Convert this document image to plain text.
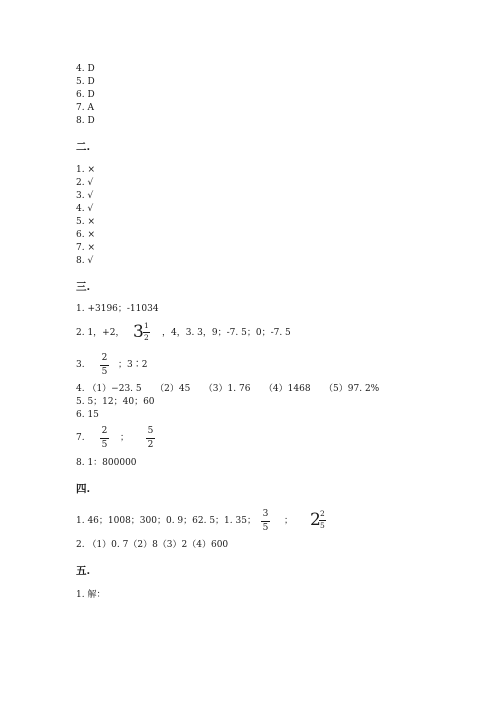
4. D
5. D
6. D
7. A
8. D
二.
1. ×
2. √
3. √
4. √
5. ×
6. ×
7. ×
8. √
三.
1. +3196；-11034
2. 1，+2， 3 1
2 ，4，3. 3，9；-7. 5；0；-7. 5
3.
2
5
；3∶2
4. （1）−23. 5　　（2）45　　（3）1. 76　　（4）1468　　（5）97. 2%
5. 5；12；40；60
6. 15
7.
2
5
；
5
2
8. 1：800000
四.
1. 46；1008；300；0. 9；62. 5；1. 35；
3
5
； 2 2
5
2. （1）0. 7（2）8（3）2（4）600
五.
1. 解：
